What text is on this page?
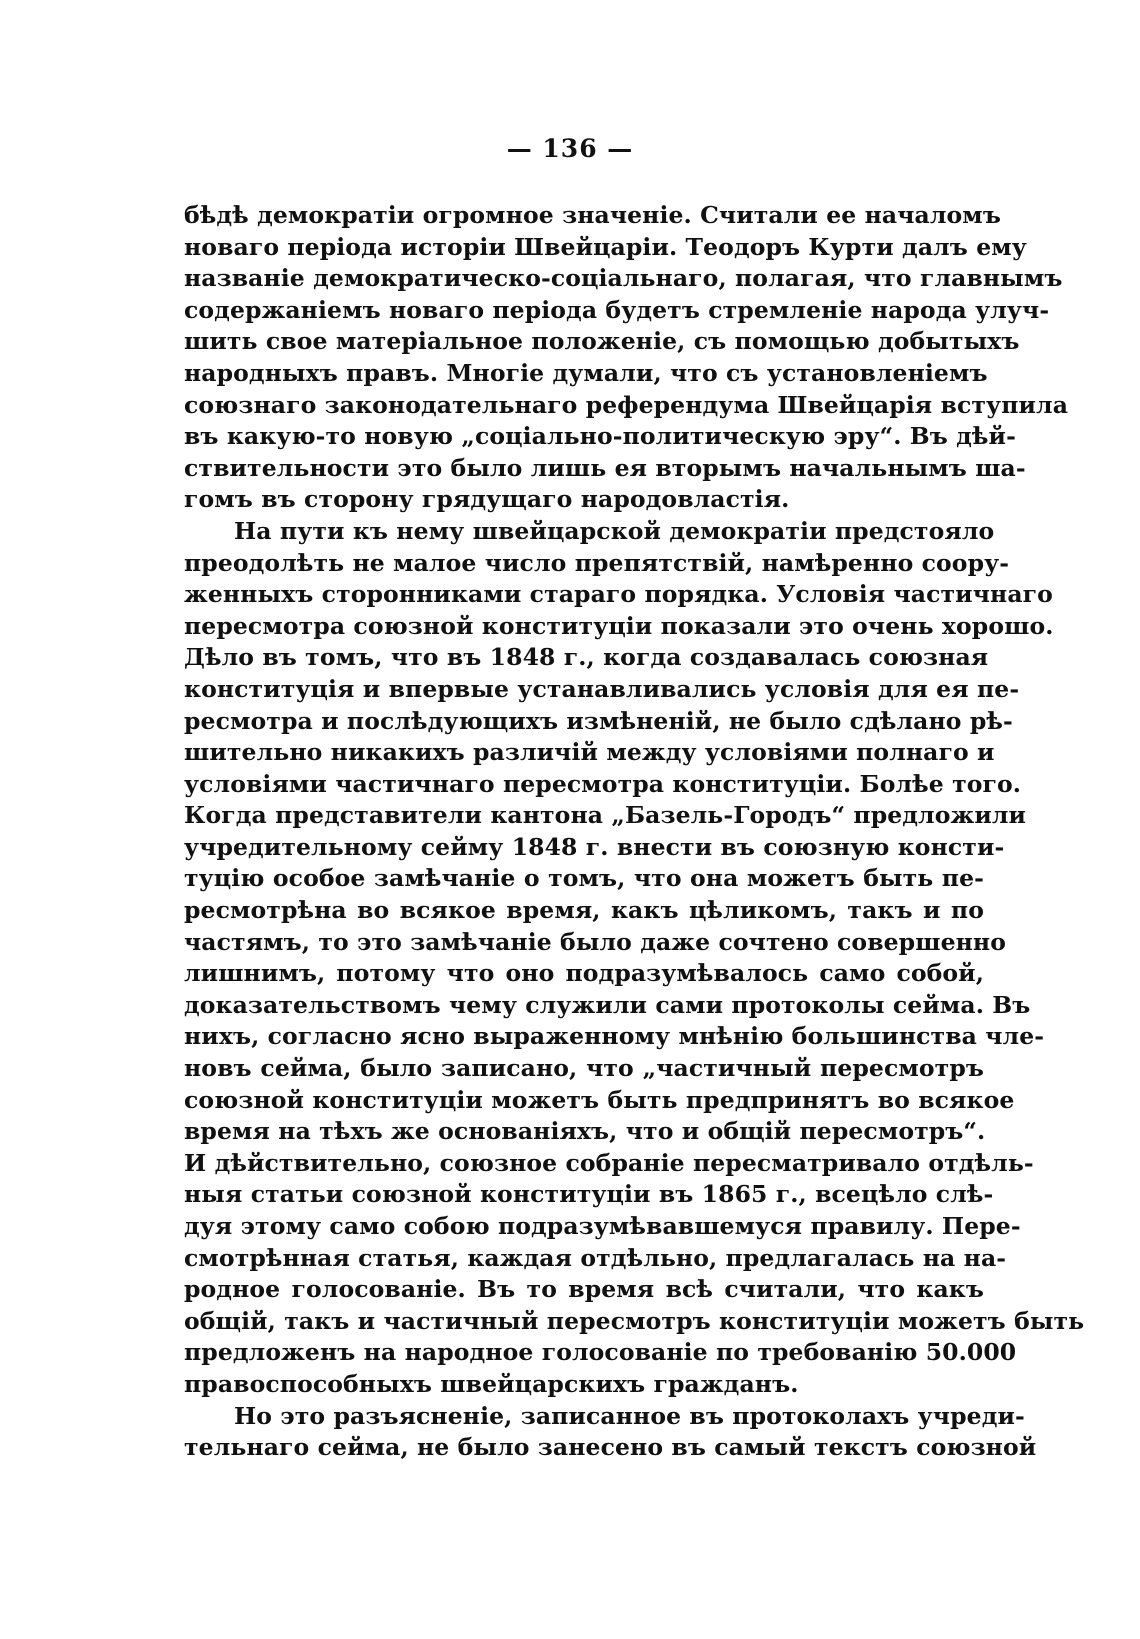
— 136 —
бѣдѣ демократіи огромное значеніе. Считали ее началомъ
новаго періода исторіи Швейцаріи. Теодоръ Курти далъ ему
названіе демократическо-соціальнаго, полагая, что главнымъ
содержаніемъ новаго періода будетъ стремленіе народа улуч-
шить свое матеріальное положеніе, съ помощью добытыхъ
народныхъ правъ. Многіе думали, что съ установленіемъ
союзнаго законодательнаго референдума Швейцарія вступила
въ какую-то новую „соціально-политическую эру“. Въ дѣй-
ствительности это было лишь ея вторымъ начальнымъ ша-
гомъ въ сторону грядущаго народовластія.
На пути къ нему швейцарской демократіи предстояло
преодолѣть не малое число препятствій, намѣренно соору-
женныхъ сторонниками стараго порядка. Условія частичнаго
пересмотра союзной конституціи показали это очень хорошо.
Дѣло въ томъ, что въ 1848 г., когда создавалась союзная
конституція и впервые устанавливались условія для ея пе-
ресмотра и послѣдующихъ измѣненій, не было сдѣлано рѣ-
шительно никакихъ различій между условіями полнаго и
условіями частичнаго пересмотра конституціи. Болѣе того.
Когда представители кантона „Базель-Городъ“ предложили
учредительному сейму 1848 г. внести въ союзную консти-
туцію особое замѣчаніе о томъ, что она можетъ быть пе-
ресмотрѣна во всякое время, какъ цѣликомъ, такъ и по
частямъ, то это замѣчаніе было даже сочтено совершенно
лишнимъ, потому что оно подразумѣвалось само собой,
доказательствомъ чему служили сами протоколы сейма. Въ
нихъ, согласно ясно выраженному мнѣнію большинства чле-
новъ сейма, было записано, что „частичный пересмотръ
союзной конституціи можетъ быть предпринятъ во всякое
время на тѣхъ же основаніяхъ, что и общій пересмотръ“.
И дѣйствительно, союзное собраніе пересматривало отдѣль-
ныя статьи союзной конституціи въ 1865 г., всецѣло слѣ-
дуя этому само собою подразумѣвавшемуся правилу. Пере-
смотрѣнная статья, каждая отдѣльно, предлагалась на на-
родное голосованіе. Въ то время всѣ считали, что какъ
общій, такъ и частичный пересмотръ конституціи можетъ быть
предложенъ на народное голосованіе по требованію 50.000
правоспособныхъ швейцарскихъ гражданъ.
Но это разъясненіе, записанное въ протоколахъ учреди-
тельнаго сейма, не было занесено въ самый текстъ союзной
